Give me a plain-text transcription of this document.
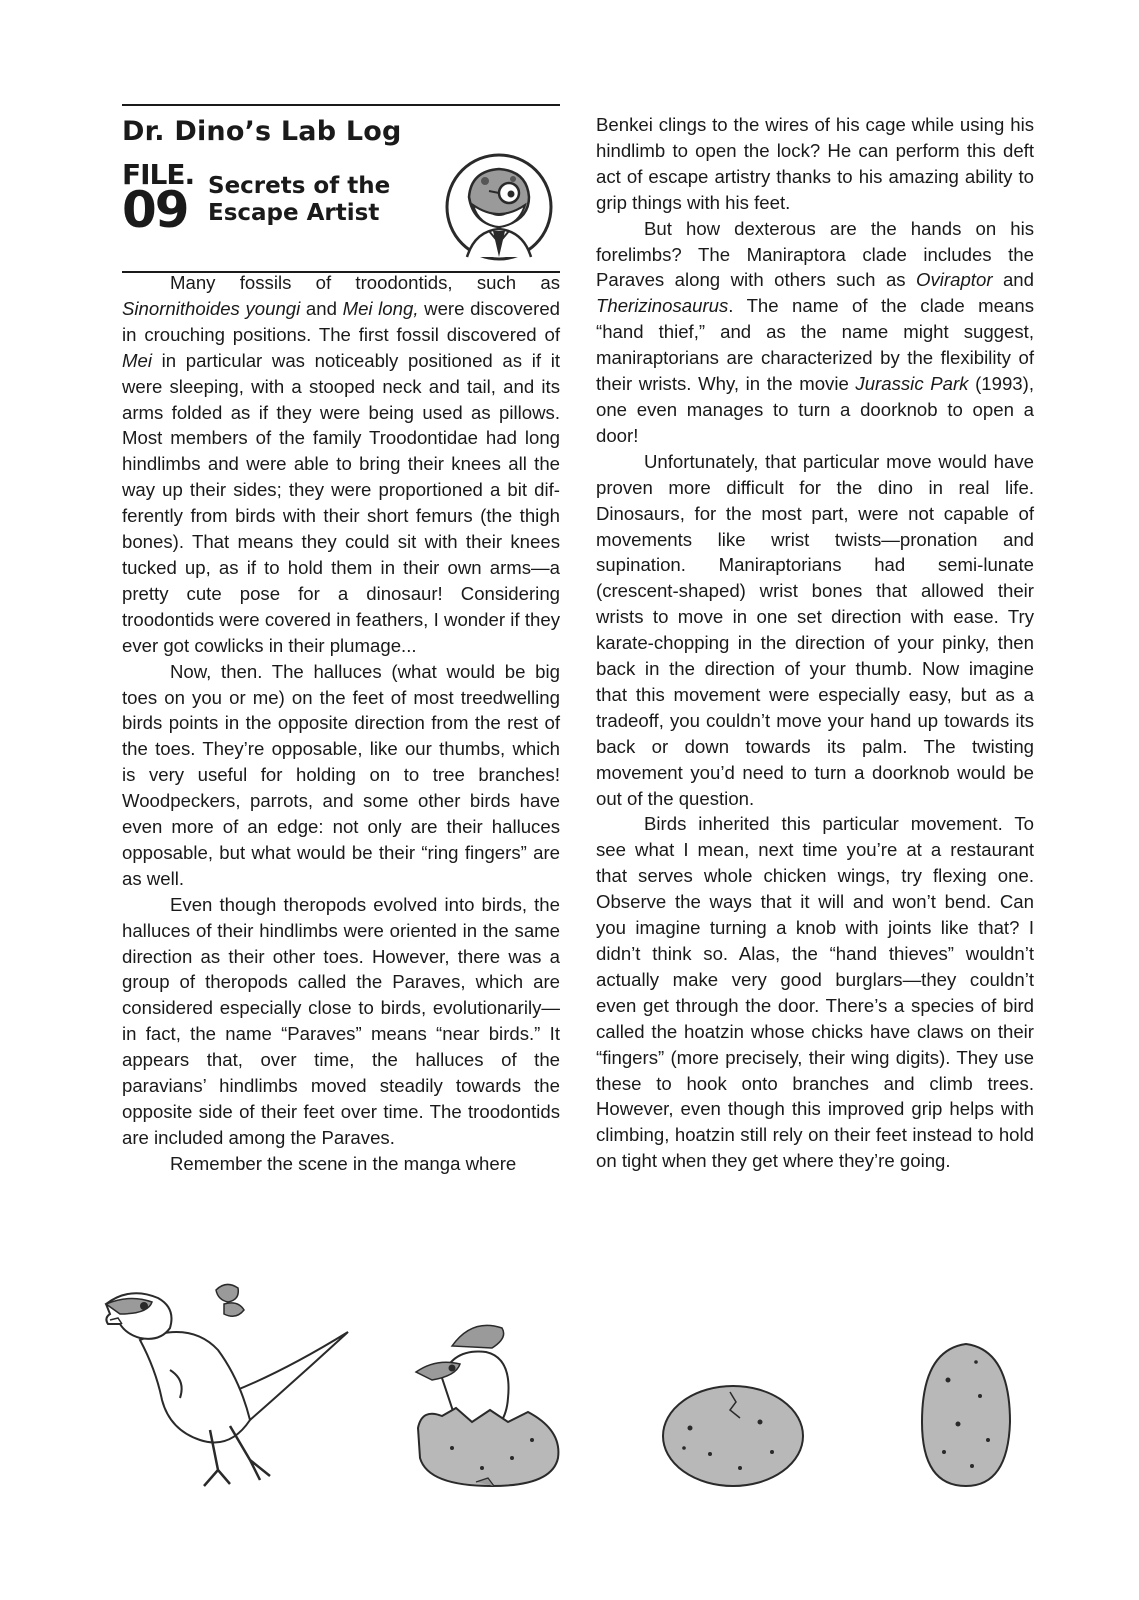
Dr. Dino’s Lab Log
FILE.
09 Secrets of the
Escape Artist

Many fossils of troodontids, such as Sinornithoides youngi and Mei long, were discovered in crouching positions. The first fossil discovered of Mei in particular was noticeably positioned as if it were sleeping, with a stooped neck and tail, and its arms folded as if they were being used as pillows. Most members of the family Troodontidae had long hindlimbs and were able to bring their knees all the way up their sides; they were proportioned a bit differently from birds with their short femurs (the thigh bones). That means they could sit with their knees tucked up, as if to hold them in their own arms—a pretty cute pose for a dinosaur! Considering troodontids were covered in feathers, I wonder if they ever got cowlicks in their plumage...

Now, then. The halluces (what would be big toes on you or me) on the feet of most treedwelling birds points in the opposite direction from the rest of the toes. They’re opposable, like our thumbs, which is very useful for holding on to tree branches! Woodpeckers, parrots, and some other birds have even more of an edge: not only are their halluces opposable, but what would be their “ring fingers” are as well.

Even though theropods evolved into birds, the halluces of their hindlimbs were oriented in the same direction as their other toes. However, there was a group of theropods called the Paraves, which are considered especially close to birds, evolutionarily—in fact, the name “Paraves” means “near birds.” It appears that, over time, the halluces of the paravians’ hindlimbs moved steadily towards the opposite side of their feet over time. The troodontids are included among the Paraves.

Remember the scene in the manga where

Benkei clings to the wires of his cage while using his hindlimb to open the lock? He can perform this deft act of escape artistry thanks to his amazing ability to grip things with his feet.

But how dexterous are the hands on his forelimbs? The Maniraptora clade includes the Paraves along with others such as Oviraptor and Therizinosaurus. The name of the clade means “hand thief,” and as the name might suggest, maniraptorians are characterized by the flexibility of their wrists. Why, in the movie Jurassic Park (1993), one even manages to turn a doorknob to open a door!

Unfortunately, that particular move would have proven more difficult for the dino in real life. Dinosaurs, for the most part, were not capable of movements like wrist twists—pronation and supination. Maniraptorians had semi-lunate (crescent-shaped) wrist bones that allowed their wrists to move in one set direction with ease. Try karate-chopping in the direction of your pinky, then back in the direction of your thumb. Now imagine that this movement were especially easy, but as a tradeoff, you couldn’t move your hand up towards its back or down towards its palm. The twisting movement you’d need to turn a doorknob would be out of the question.

Birds inherited this particular movement. To see what I mean, next time you’re at a restaurant that serves whole chicken wings, try flexing one. Observe the ways that it will and won’t bend. Can you imagine turning a knob with joints like that? I didn’t think so. Alas, the “hand thieves” wouldn’t actually make very good burglars—they couldn’t even get through the door. There’s a species of bird called the hoatzin whose chicks have claws on their “fingers” (more precisely, their wing digits). They use these to hook onto branches and climb trees. However, even though this improved grip helps with climbing, hoatzin still rely on their feet instead to hold on tight when they get where they’re going.
